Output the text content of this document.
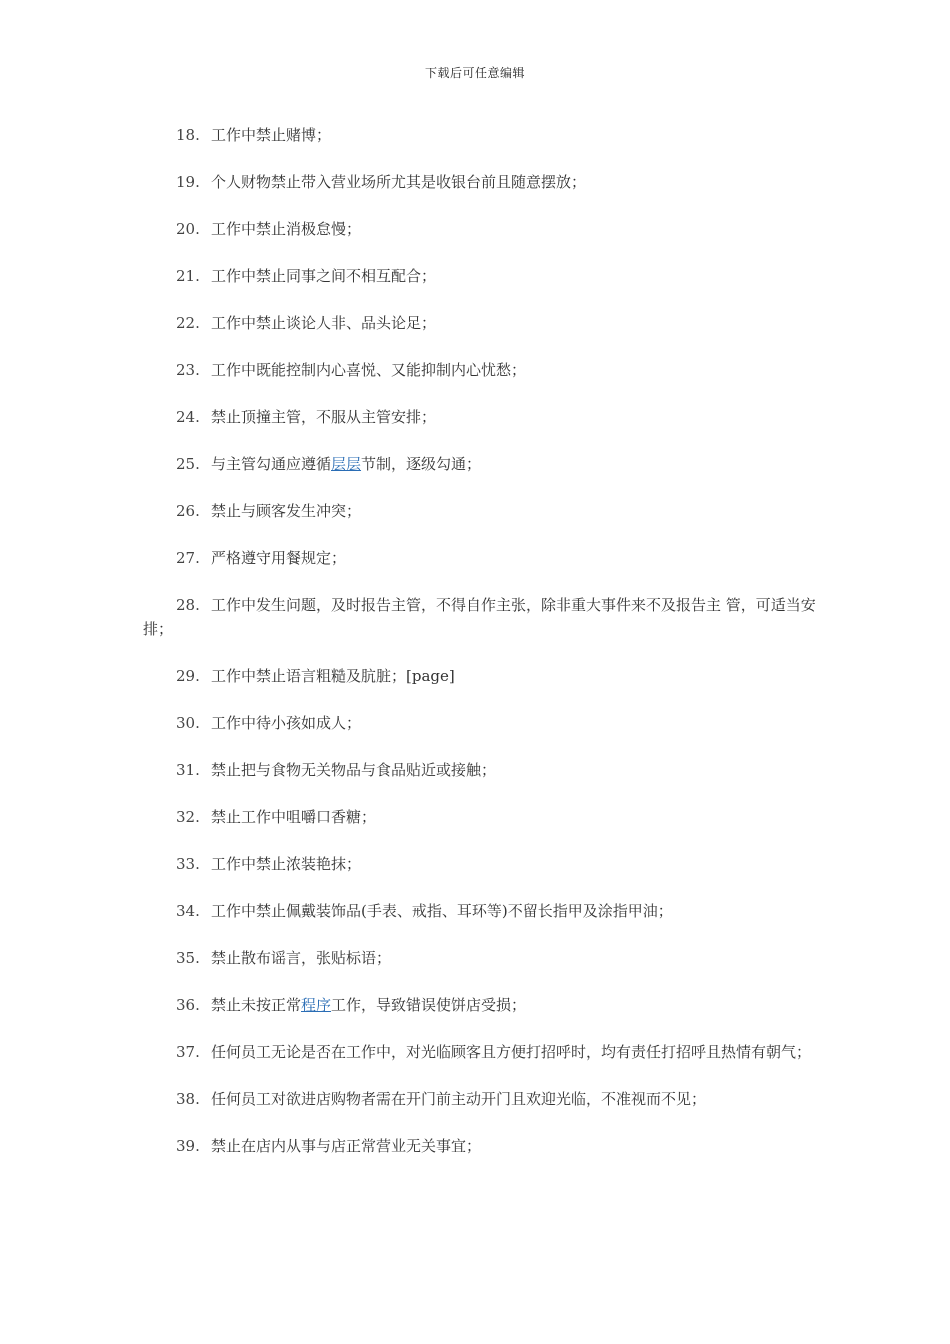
下载后可任意编辑

18. 工作中禁止赌博；

19. 个人财物禁止带入营业场所尤其是收银台前且随意摆放；

20. 工作中禁止消极怠慢；

21. 工作中禁止同事之间不相互配合；

22. 工作中禁止谈论人非、品头论足；

23. 工作中既能控制内心喜悦、又能抑制内心忧愁；

24. 禁止顶撞主管，不服从主管安排；

25. 与主管勾通应遵循层层节制，逐级勾通；

26. 禁止与顾客发生冲突；

27. 严格遵守用餐规定；

28. 工作中发生问题，及时报告主管，不得自作主张，除非重大事件来不及报告主 管，可适当安排；

29. 工作中禁止语言粗糙及肮脏；[page]

30. 工作中待小孩如成人；

31. 禁止把与食物无关物品与食品贴近或接触；

32. 禁止工作中咀嚼口香糖；

33. 工作中禁止浓装艳抹；

34. 工作中禁止佩戴装饰品(手表、戒指、耳环等)不留长指甲及涂指甲油；

35. 禁止散布谣言，张贴标语；

36. 禁止未按正常程序工作，导致错误使饼店受损；

37. 任何员工无论是否在工作中，对光临顾客且方便打招呼时，均有责任打招呼且热情有朝气；

38. 任何员工对欲进店购物者需在开门前主动开门且欢迎光临，不准视而不见；

39. 禁止在店内从事与店正常营业无关事宜；
